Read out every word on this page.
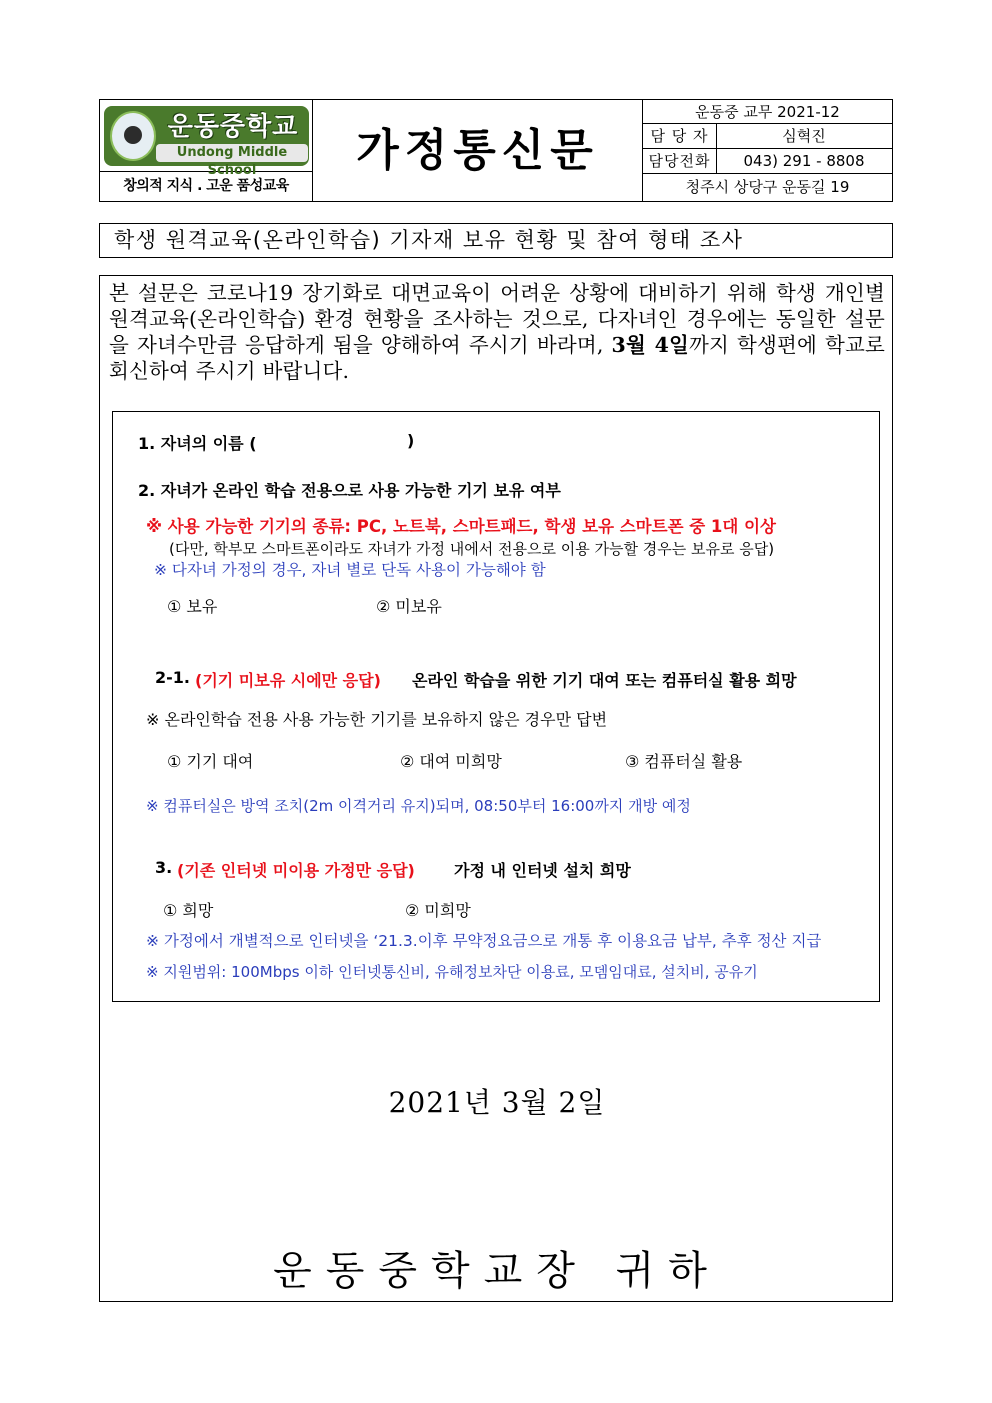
운동중학교
Undong Middle School
창의적 지식 . 고운 품성교육
가정통신문
운동중 교무 2021-12
담 당 자	심혁진
담당전화	043) 291 - 8808
청주시 상당구 운동길 19
학생 원격교육(온라인학습) 기자재 보유 현황 및 참여 형태 조사
본 설문은 코로나19 장기화로 대면교육이 어려운 상황에 대비하기 위해 학생 개인별 원격교육(온라인학습) 환경 현황을 조사하는 것으로, 다자녀인 경우에는 동일한 설문을 자녀수만큼 응답하게 됨을 양해하여 주시기 바라며, 3월 4일까지 학생편에 학교로 회신하여 주시기 바랍니다.
1. 자녀의 이름 (	)
2. 자녀가 온라인 학습 전용으로 사용 가능한 기기 보유 여부
※ 사용 가능한 기기의 종류: PC, 노트북, 스마트패드, 학생 보유 스마트폰 중 1대 이상
(다만, 학부모 스마트폰이라도 자녀가 가정 내에서 전용으로 이용 가능할 경우는 보유로 응답)
※ 다자녀 가정의 경우, 자녀 별로 단독 사용이 가능해야 함
① 보유	② 미보유
2-1. (기기 미보유 시에만 응답) 온라인 학습을 위한 기기 대여 또는 컴퓨터실 활용 희망
※ 온라인학습 전용 사용 가능한 기기를 보유하지 않은 경우만 답변
① 기기 대여	② 대여 미희망	③ 컴퓨터실 활용
※ 컴퓨터실은 방역 조치(2m 이격거리 유지)되며, 08:50부터 16:00까지 개방 예정
3. (기존 인터넷 미이용 가정만 응답) 가정 내 인터넷 설치 희망
① 희망	② 미희망
※ 가정에서 개별적으로 인터넷을 ‘21.3.이후 무약정요금으로 개통 후 이용요금 납부, 추후 정산 지급
※ 지원범위: 100Mbps 이하 인터넷통신비, 유해정보차단 이용료, 모뎀임대료, 설치비, 공유기
2021년 3월 2일
운동중학교장 귀하
